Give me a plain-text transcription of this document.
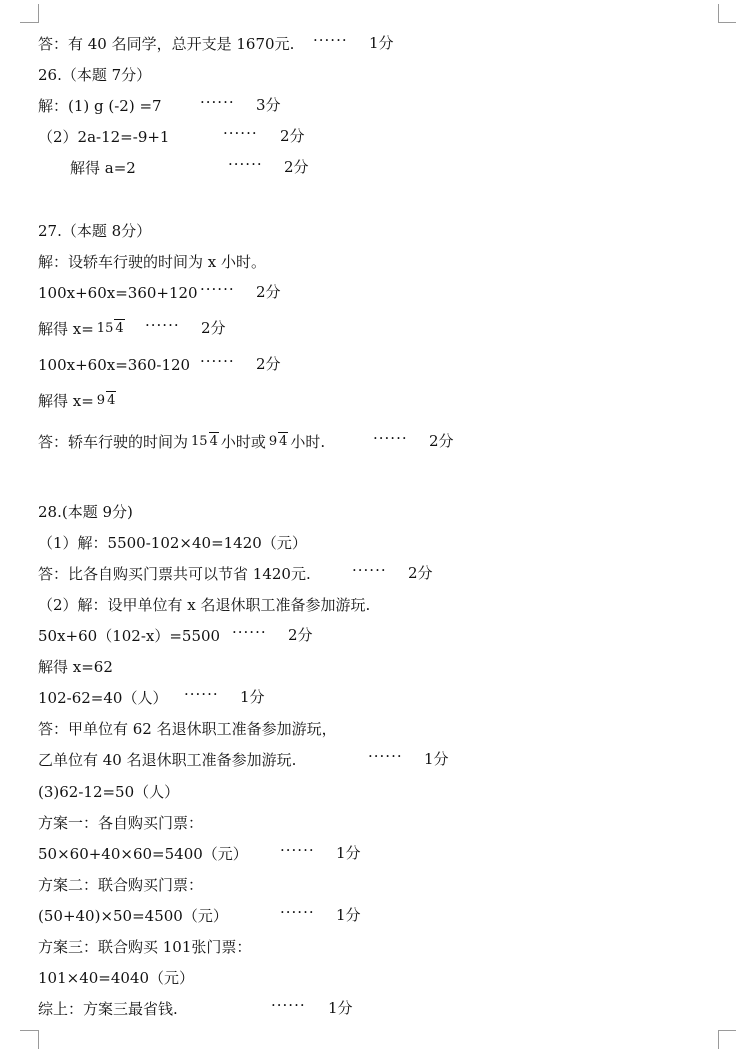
答：有 40 名同学，总开支是 1670元. ······ 1分
26.（本题 7分）
解：(1) g (-2) =7	······ 3分
（2）2a-12=-9+1	······ 2分
解得 a=2	······ 2分
27.（本题 8分）
解：设轿车行驶的时间为 x 小时。
100x+60x=360+120 ······ 2分
解得 x= 15 4 ······ 2分
100x+60x=360-120 ······ 2分
解得 x= 9 4
答：轿车行驶的时间为 15 4 小时或 9 4 小时.	······ 2分
28.(本题 9分)
（1）解：5500-102×40=1420（元）
答：比各自购买门票共可以节省 1420元.	······ 2分
（2）解：设甲单位有 x 名退休职工准备参加游玩.
50x+60（102-x）=5500 ······ 2分
解得 x=62
102-62=40（人） ······ 1分
答：甲单位有 62 名退休职工准备参加游玩，
乙单位有 40 名退休职工准备参加游玩.	······ 1分
(3)62-12=50（人）
方案一：各自购买门票：
50×60+40×60=5400（元） ······ 1分
方案二：联合购买门票：
(50+40)×50=4500（元）	······ 1分
方案三：联合购买 101张门票：
101×40=4040（元）
综上：方案三最省钱.	······ 1分
